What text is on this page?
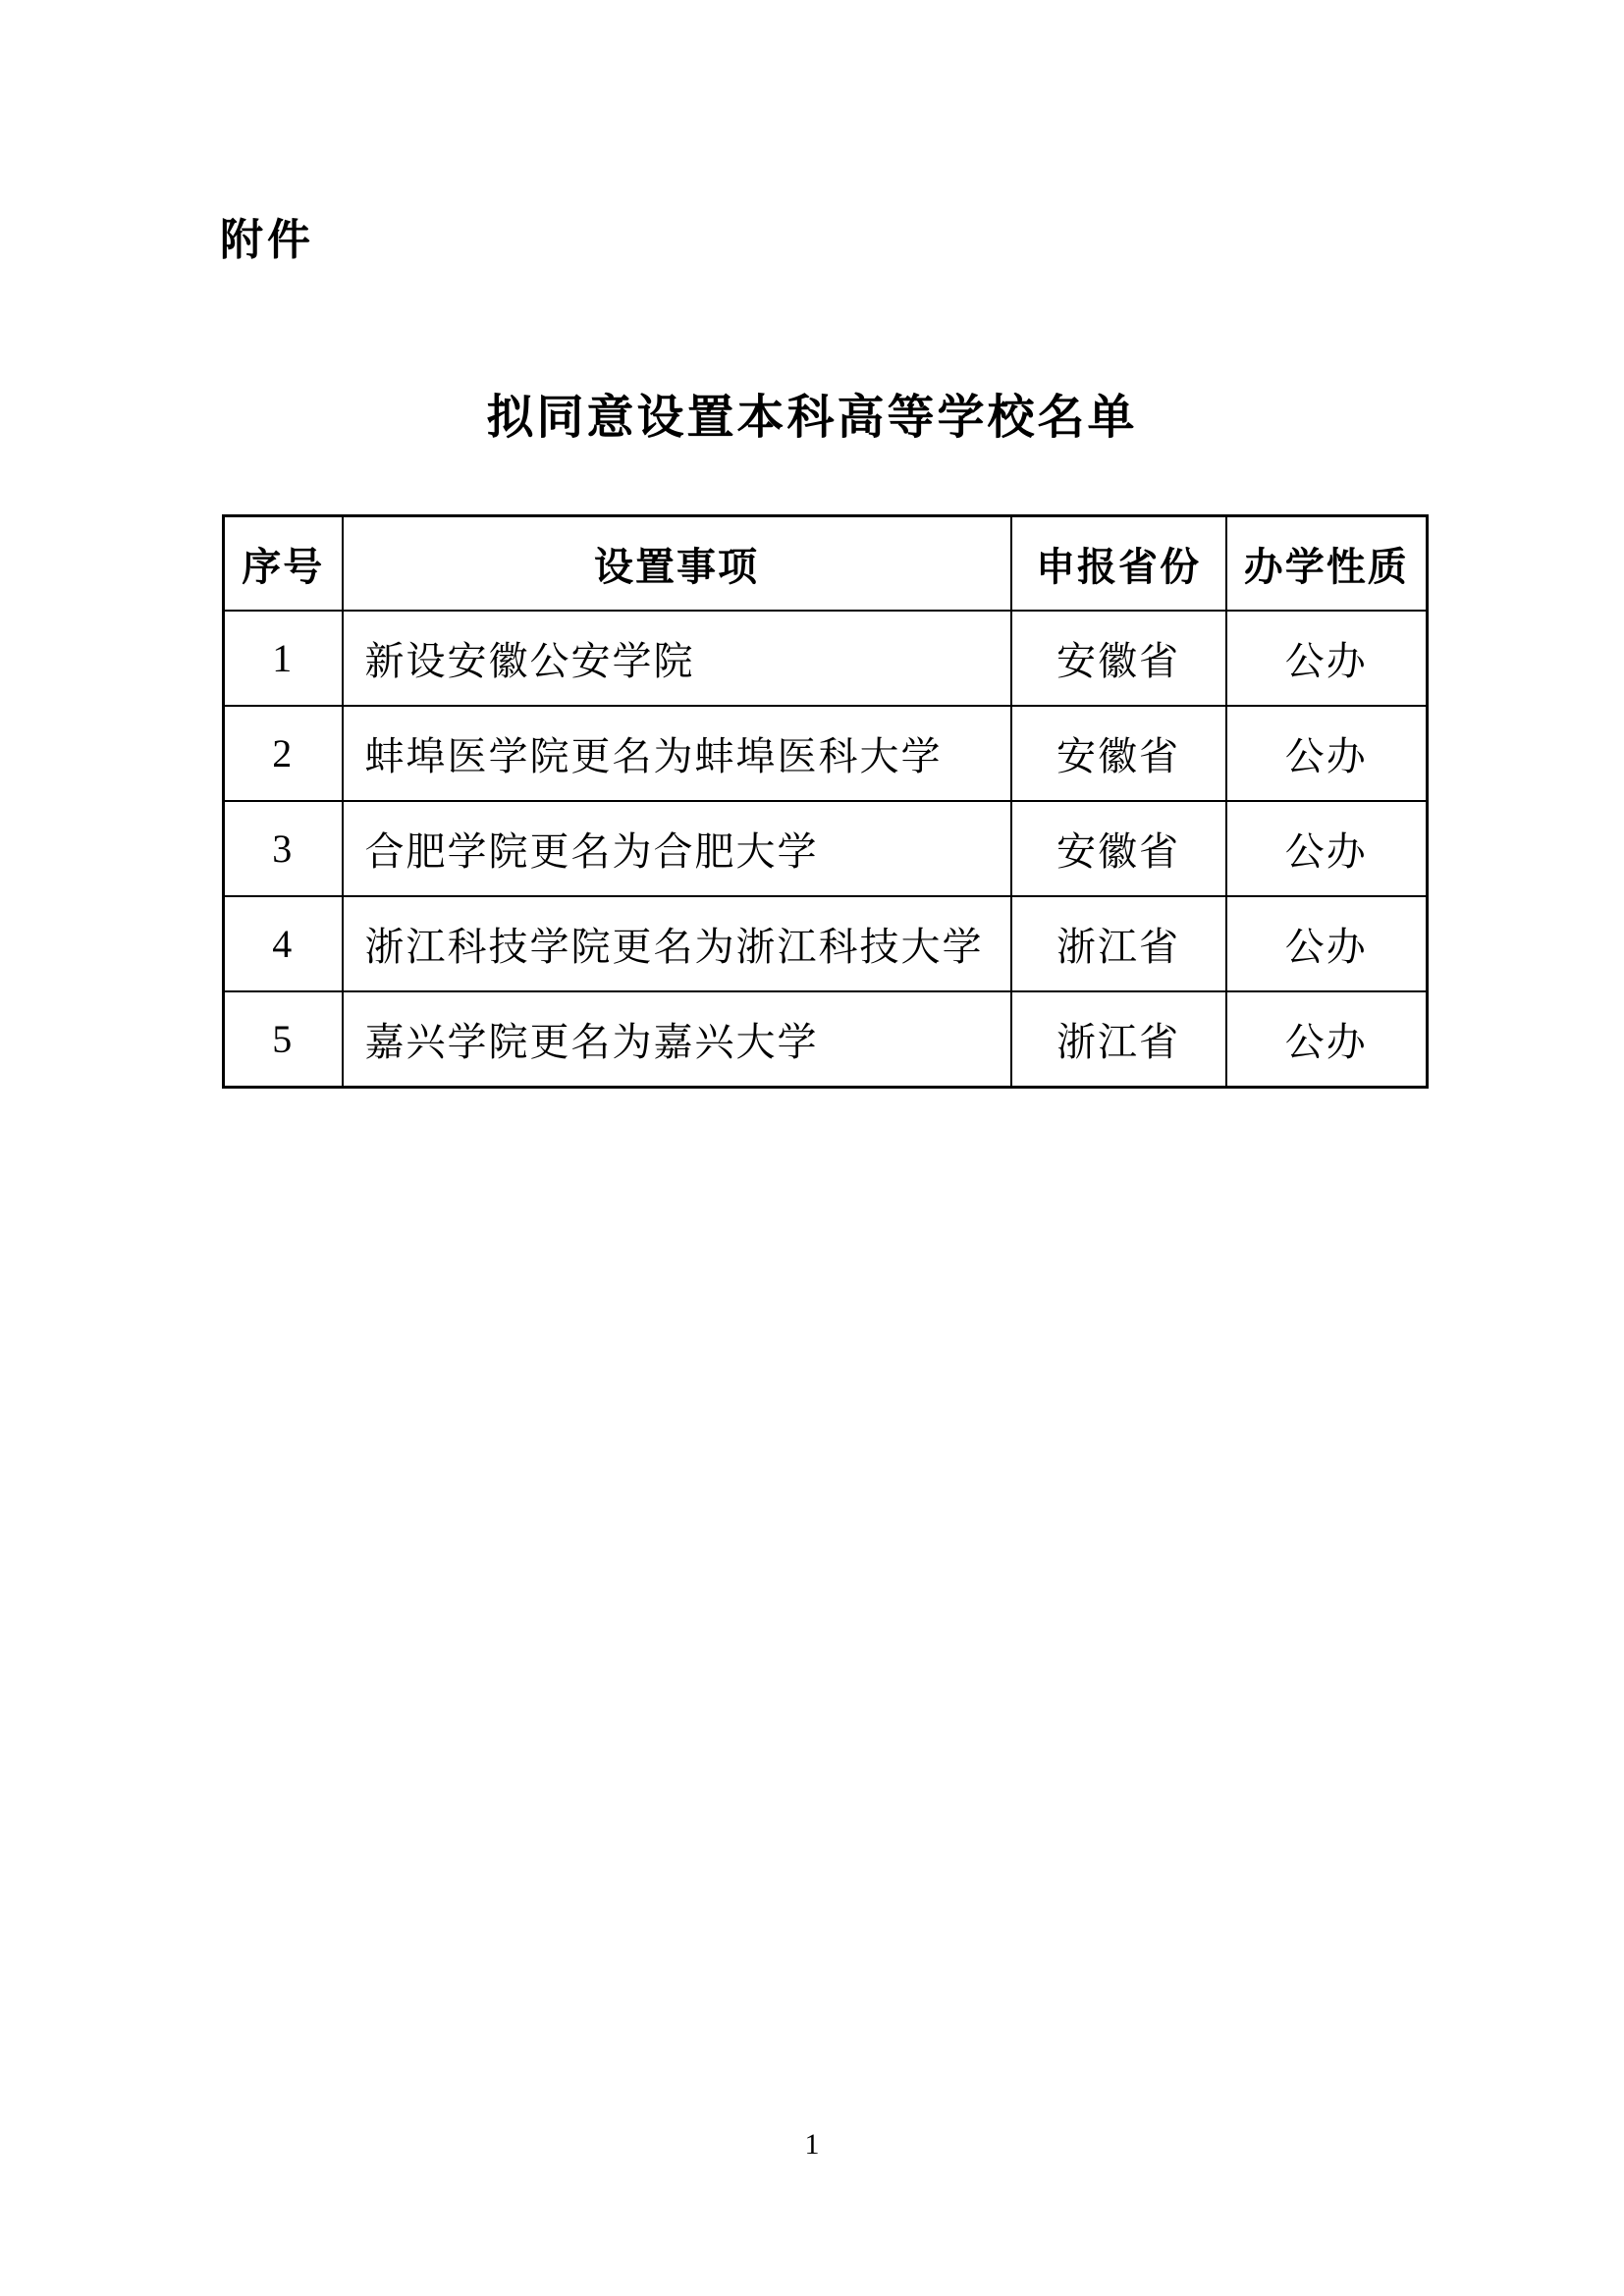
附件
拟同意设置本科高等学校名单
序号	设置事项	申报省份	办学性质
1	新设安徽公安学院	安徽省	公办
2	蚌埠医学院更名为蚌埠医科大学	安徽省	公办
3	合肥学院更名为合肥大学	安徽省	公办
4	浙江科技学院更名为浙江科技大学	浙江省	公办
5	嘉兴学院更名为嘉兴大学	浙江省	公办
1
